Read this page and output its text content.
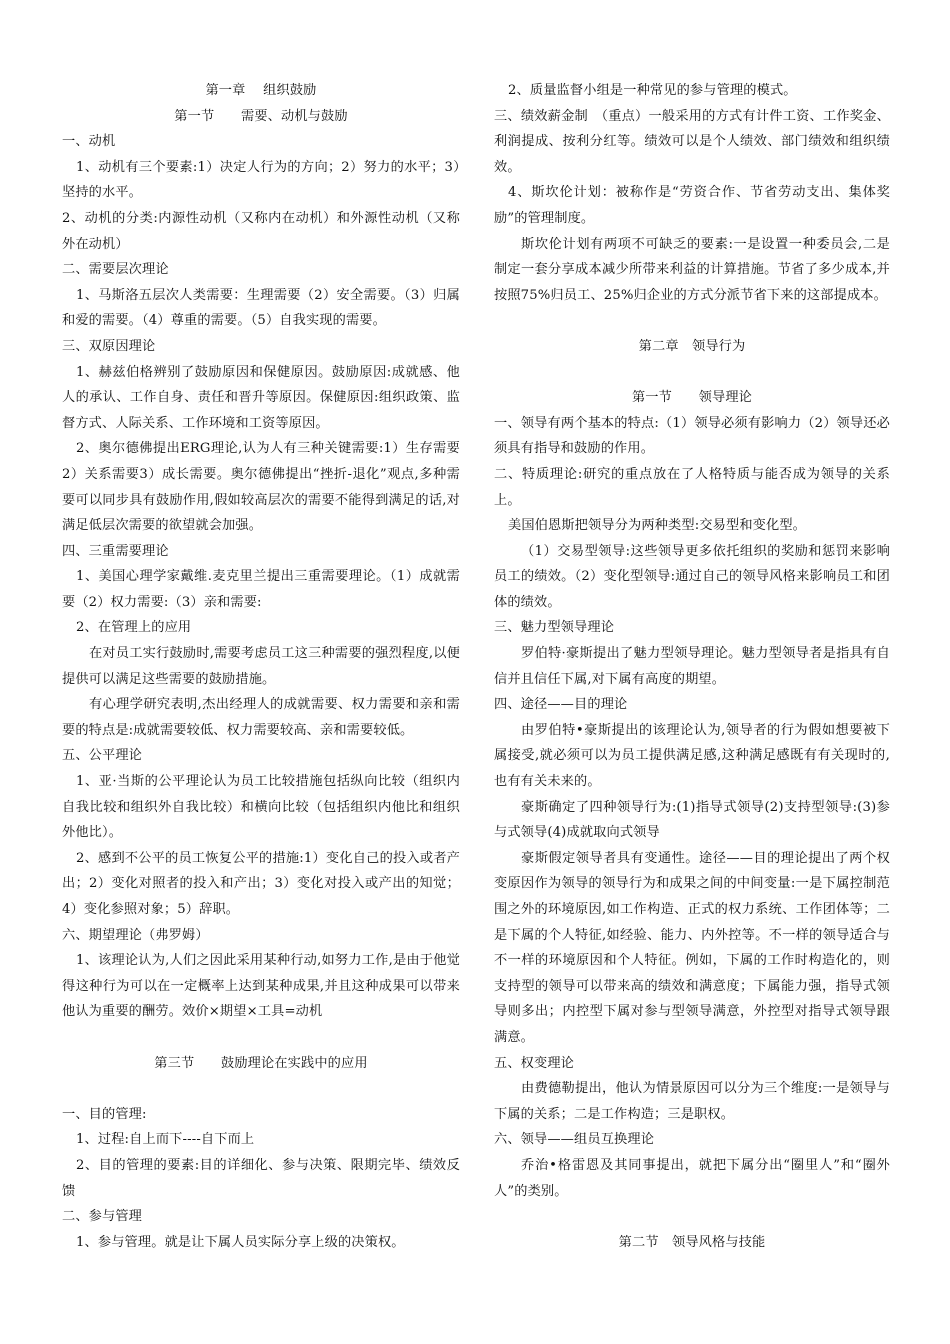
第一章　 组织鼓励

第一节　　需要、动机与鼓励

一、动机

1、动机有三个要素:1）决定人行为的方向；2）努力的水平；3）坚持的水平。

2、动机的分类:内源性动机（又称内在动机）和外源性动机（又称外在动机）

二、需要层次理论

1、马斯洛五层次人类需要：生理需要（2）安全需要。（3）归属和爱的需要。（4）尊重的需要。（5）自我实现的需要。

三、双原因理论

1、赫兹伯格辨别了鼓励原因和保健原因。鼓励原因:成就感、他人的承认、工作自身、责任和晋升等原因。保健原因:组织政策、监督方式、人际关系、工作环境和工资等原因。

2、奥尔德佛提出ERG理论,认为人有三种关键需要:1）生存需要2）关系需要3）成长需要。奥尔德佛提出“挫折-退化”观点,多种需要可以同步具有鼓励作用,假如较高层次的需要不能得到满足的话,对满足低层次需要的欲望就会加强。

四、三重需要理论

1、美国心理学家戴维.麦克里兰提出三重需要理论。（1）成就需要（2）权力需要:（3）亲和需要:

2、在管理上的应用

在对员工实行鼓励时,需要考虑员工这三种需要的强烈程度,以便提供可以满足这些需要的鼓励措施。

有心理学研究表明,杰出经理人的成就需要、权力需要和亲和需要的特点是:成就需要较低、权力需要较高、亲和需要较低。

五、公平理论

1、亚·当斯的公平理论认为员工比较措施包括纵向比较（组织内自我比较和组织外自我比较）和横向比较（包括组织内他比和组织外他比）。

2、感到不公平的员工恢复公平的措施:1）变化自己的投入或者产出；2）变化对照者的投入和产出；3）变化对投入或产出的知觉；4）变化参照对象；5）辞职。

六、期望理论（弗罗姆）

1、该理论认为,人们之因此采用某种行动,如努力工作,是由于他觉得这种行为可以在一定概率上达到某种成果,并且这种成果可以带来他认为重要的酬劳。效价×期望×工具=动机

第三节　　鼓励理论在实践中的应用

一、目的管理:

1、过程:自上而下----自下而上

2、目的管理的要素:目的详细化、参与决策、限期完毕、绩效反馈

二、参与管理

1、参与管理。就是让下属人员实际分享上级的决策权。

2、质量监督小组是一种常见的参与管理的模式。

三、绩效薪金制　（重点）一般采用的方式有计件工资、工作奖金、利润提成、按利分红等。绩效可以是个人绩效、部门绩效和组织绩效。

4、斯坎伦计划：被称作是“劳资合作、节省劳动支出、集体奖励”的管理制度。

斯坎伦计划有两项不可缺乏的要素:一是设置一种委员会,二是制定一套分享成本减少所带来利益的计算措施。节省了多少成本,并按照75%归员工、25%归企业的方式分派节省下来的这部提成本。

第二章　领导行为

第一节　　领导理论

一、领导有两个基本的特点:（1）领导必须有影响力（2）领导还必须具有指导和鼓励的作用。

二、特质理论:研究的重点放在了人格特质与能否成为领导的关系上。

美国伯恩斯把领导分为两种类型:交易型和变化型。

（1）交易型领导:这些领导更多依托组织的奖励和惩罚来影响员工的绩效。（2）变化型领导:通过自己的领导风格来影响员工和团体的绩效。

三、魅力型领导理论

罗伯特·豪斯提出了魅力型领导理论。魅力型领导者是指具有自信并且信任下属,对下属有高度的期望。

四、途径——目的理论

由罗伯特•豪斯提出的该理论认为,领导者的行为假如想要被下属接受,就必须可以为员工提供满足感,这种满足感既有有关现时的,也有有关未来的。

豪斯确定了四种领导行为:(1)指导式领导(2)支持型领导:(3)参与式领导(4)成就取向式领导

豪斯假定领导者具有变通性。途径——目的理论提出了两个权变原因作为领导的领导行为和成果之间的中间变量:一是下属控制范围之外的环境原因,如工作构造、正式的权力系统、工作团体等；二是下属的个人特征,如经验、能力、内外控等。不一样的领导适合与不一样的环境原因和个人特征。例如，下属的工作时构造化的，则支持型的领导可以带来高的绩效和满意度；下属能力强，指导式领导则多出；内控型下属对参与型领导满意，外控型对指导式领导跟满意。

五、权变理论

由费德勒提出，他认为情景原因可以分为三个维度:一是领导与下属的关系；二是工作构造；三是职权。

六、领导——组员互换理论

乔治•格雷恩及其同事提出，就把下属分出“圈里人”和“圈外人”的类别。

第二节　领导风格与技能
